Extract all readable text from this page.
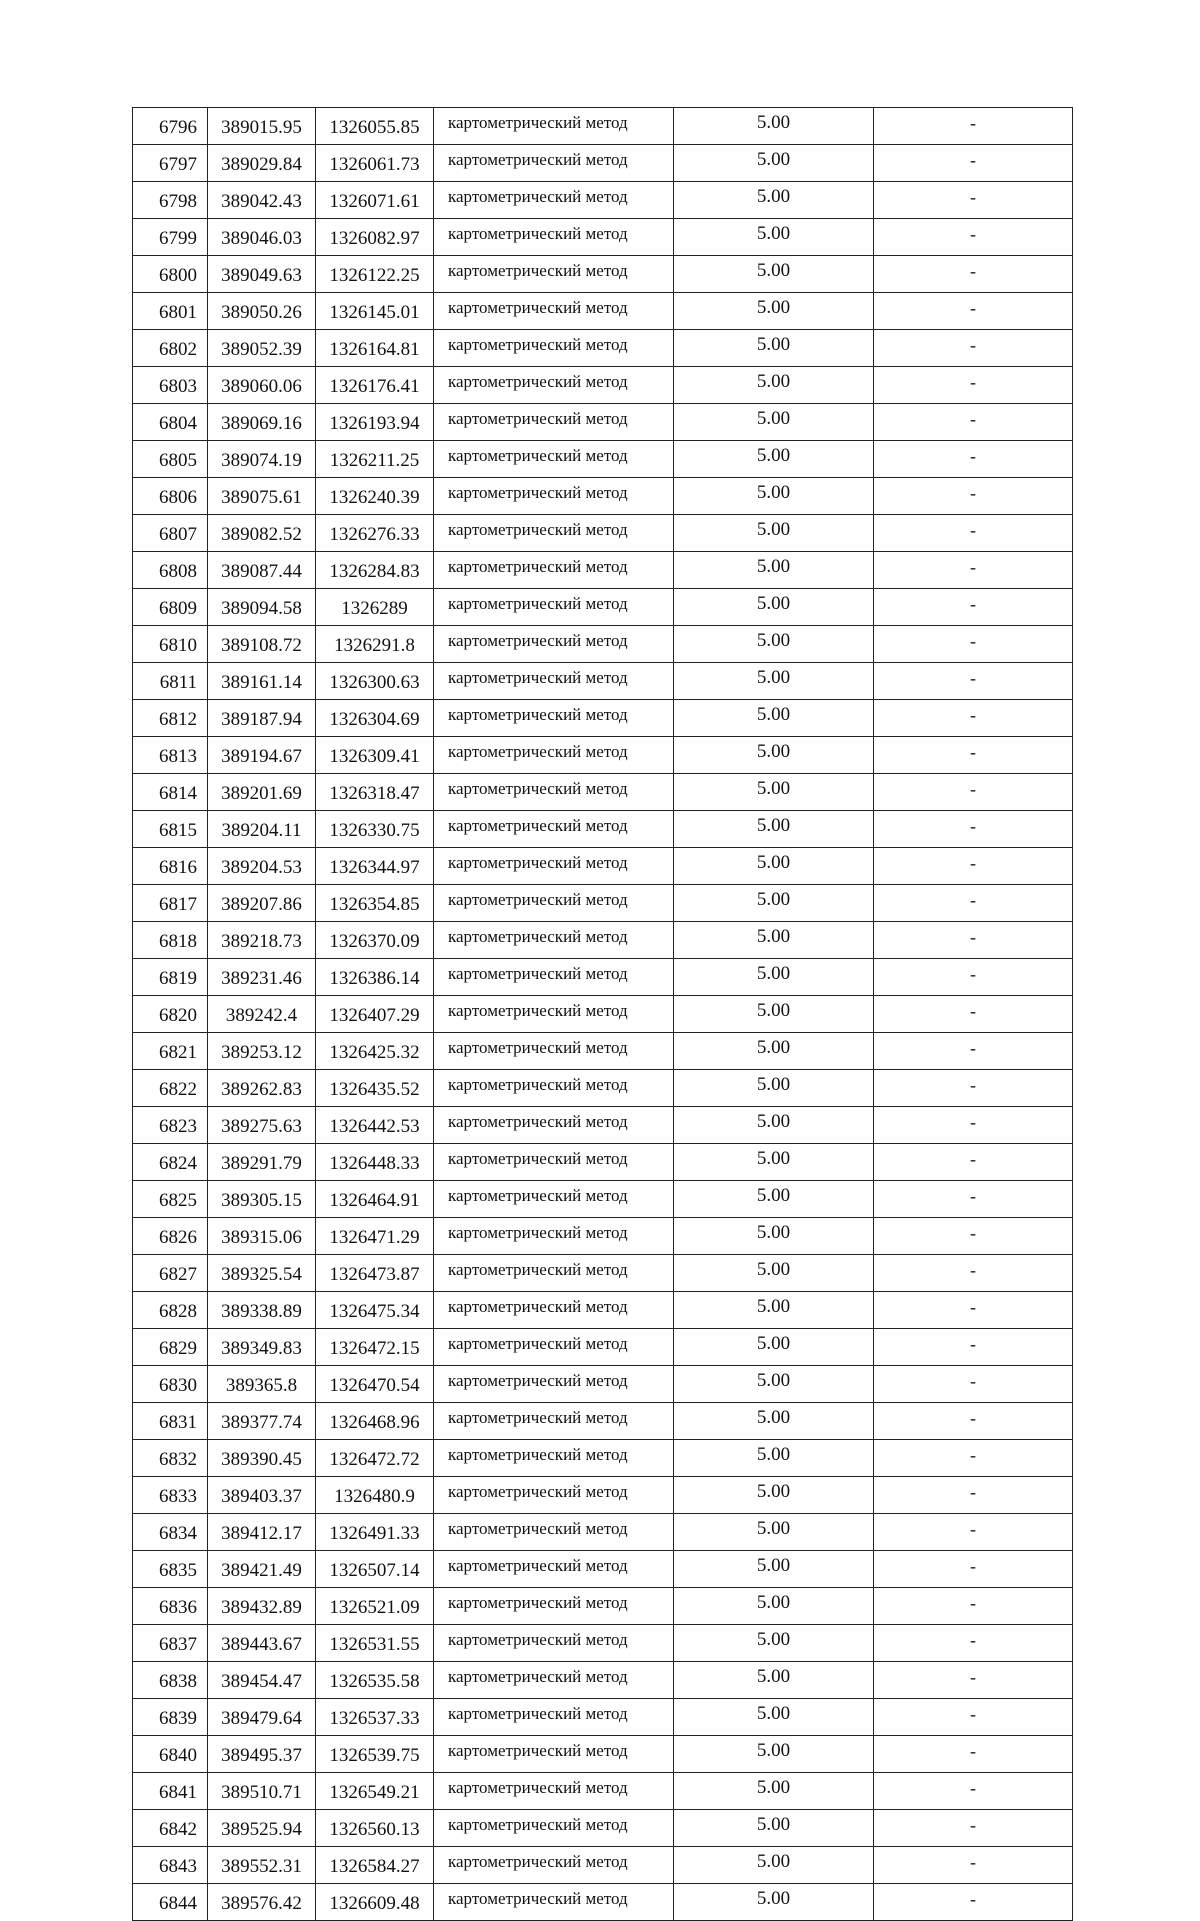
6796	389015.95	1326055.85	картометрический метод	5.00	-
6797	389029.84	1326061.73	картометрический метод	5.00	-
6798	389042.43	1326071.61	картометрический метод	5.00	-
6799	389046.03	1326082.97	картометрический метод	5.00	-
6800	389049.63	1326122.25	картометрический метод	5.00	-
6801	389050.26	1326145.01	картометрический метод	5.00	-
6802	389052.39	1326164.81	картометрический метод	5.00	-
6803	389060.06	1326176.41	картометрический метод	5.00	-
6804	389069.16	1326193.94	картометрический метод	5.00	-
6805	389074.19	1326211.25	картометрический метод	5.00	-
6806	389075.61	1326240.39	картометрический метод	5.00	-
6807	389082.52	1326276.33	картометрический метод	5.00	-
6808	389087.44	1326284.83	картометрический метод	5.00	-
6809	389094.58	1326289	картометрический метод	5.00	-
6810	389108.72	1326291.8	картометрический метод	5.00	-
6811	389161.14	1326300.63	картометрический метод	5.00	-
6812	389187.94	1326304.69	картометрический метод	5.00	-
6813	389194.67	1326309.41	картометрический метод	5.00	-
6814	389201.69	1326318.47	картометрический метод	5.00	-
6815	389204.11	1326330.75	картометрический метод	5.00	-
6816	389204.53	1326344.97	картометрический метод	5.00	-
6817	389207.86	1326354.85	картометрический метод	5.00	-
6818	389218.73	1326370.09	картометрический метод	5.00	-
6819	389231.46	1326386.14	картометрический метод	5.00	-
6820	389242.4	1326407.29	картометрический метод	5.00	-
6821	389253.12	1326425.32	картометрический метод	5.00	-
6822	389262.83	1326435.52	картометрический метод	5.00	-
6823	389275.63	1326442.53	картометрический метод	5.00	-
6824	389291.79	1326448.33	картометрический метод	5.00	-
6825	389305.15	1326464.91	картометрический метод	5.00	-
6826	389315.06	1326471.29	картометрический метод	5.00	-
6827	389325.54	1326473.87	картометрический метод	5.00	-
6828	389338.89	1326475.34	картометрический метод	5.00	-
6829	389349.83	1326472.15	картометрический метод	5.00	-
6830	389365.8	1326470.54	картометрический метод	5.00	-
6831	389377.74	1326468.96	картометрический метод	5.00	-
6832	389390.45	1326472.72	картометрический метод	5.00	-
6833	389403.37	1326480.9	картометрический метод	5.00	-
6834	389412.17	1326491.33	картометрический метод	5.00	-
6835	389421.49	1326507.14	картометрический метод	5.00	-
6836	389432.89	1326521.09	картометрический метод	5.00	-
6837	389443.67	1326531.55	картометрический метод	5.00	-
6838	389454.47	1326535.58	картометрический метод	5.00	-
6839	389479.64	1326537.33	картометрический метод	5.00	-
6840	389495.37	1326539.75	картометрический метод	5.00	-
6841	389510.71	1326549.21	картометрический метод	5.00	-
6842	389525.94	1326560.13	картометрический метод	5.00	-
6843	389552.31	1326584.27	картометрический метод	5.00	-
6844	389576.42	1326609.48	картометрический метод	5.00	-
